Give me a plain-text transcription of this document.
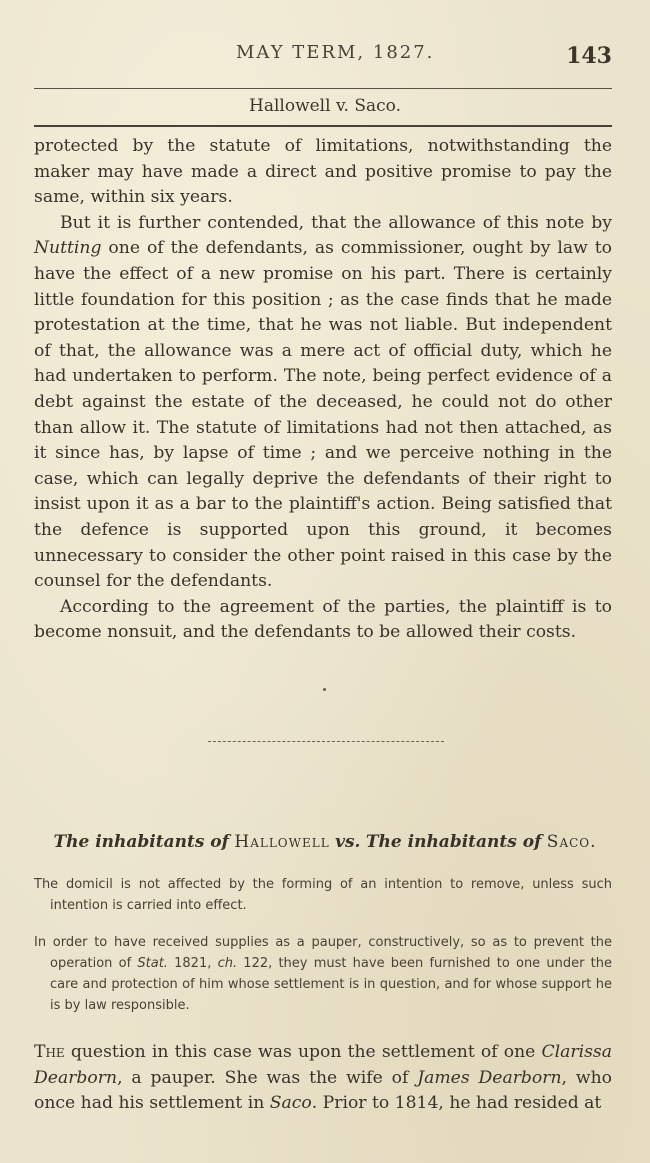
MAY TERM, 1827.	143
Hallowell v. Saco.

protected by the statute of limitations, notwithstanding the maker may have made a direct and positive promise to pay the same, within six years.

But it is further contended, that the allowance of this note by Nutting one of the defendants, as commissioner, ought by law to have the effect of a new promise on his part. There is certainly little foundation for this position ; as the case finds that he made protestation at the time, that he was not liable. But independent of that, the allowance was a mere act of official duty, which he had undertaken to perform. The note, being perfect evidence of a debt against the estate of the deceased, he could not do other than allow it. The statute of limitations had not then attached, as it since has, by lapse of time ; and we perceive nothing in the case, which can legally deprive the defendants of their right to insist upon it as a bar to the plaintiff's action. Being satisfied that the defence is supported upon this ground, it becomes unnecessary to consider the other point raised in this case by the counsel for the defendants.

According to the agreement of the parties, the plaintiff is to become nonsuit, and the defendants to be allowed their costs.

The inhabitants of Hallowell vs. The inhabitants of Saco.

The domicil is not affected by the forming of an intention to remove, unless such intention is carried into effect.

In order to have received supplies as a pauper, constructively, so as to prevent the operation of Stat. 1821, ch. 122, they must have been furnished to one under the care and protection of him whose settlement is in question, and for whose support he is by law responsible.

The question in this case was upon the settlement of one Clarissa Dearborn, a pauper. She was the wife of James Dearborn, who once had his settlement in Saco. Prior to 1814, he had resided at
